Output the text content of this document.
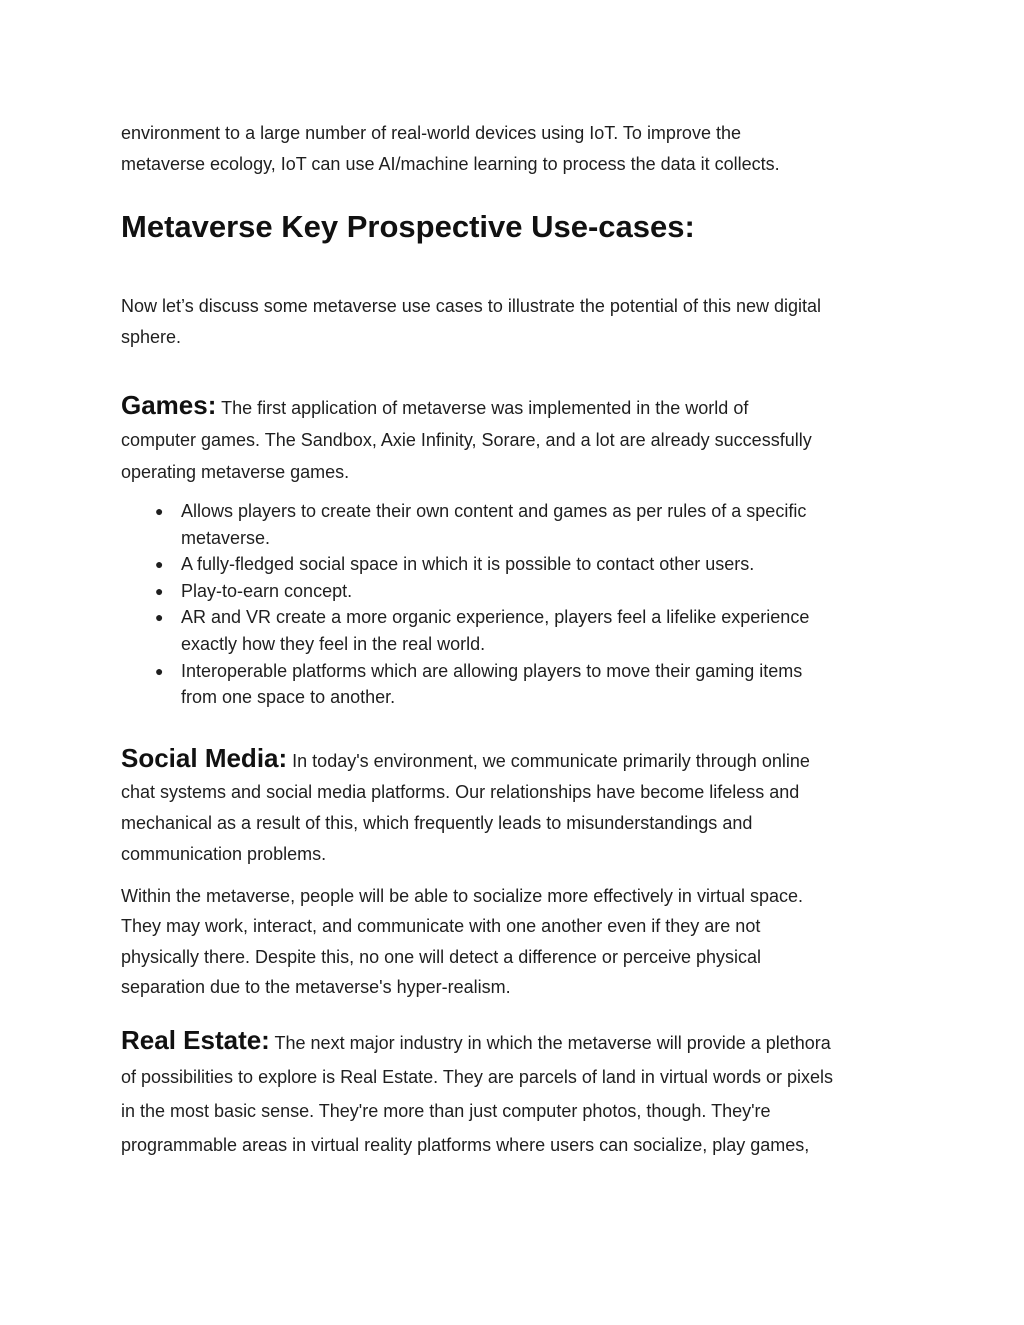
environment to a large number of real-world devices using IoT. To improve the
metaverse ecology, IoT can use AI/machine learning to process the data it collects.

Metaverse Key Prospective Use-cases:

Now let’s discuss some metaverse use cases to illustrate the potential of this new digital
sphere.

Games: The first application of metaverse was implemented in the world of
computer games. The Sandbox, Axie Infinity, Sorare, and a lot are already successfully
operating metaverse games.

● Allows players to create their own content and games as per rules of a specific
metaverse.
● A fully-fledged social space in which it is possible to contact other users.
● Play-to-earn concept.
● AR and VR create a more organic experience, players feel a lifelike experience
exactly how they feel in the real world.
● Interoperable platforms which are allowing players to move their gaming items
from one space to another.

Social Media: In today's environment, we communicate primarily through online
chat systems and social media platforms. Our relationships have become lifeless and
mechanical as a result of this, which frequently leads to misunderstandings and
communication problems.

Within the metaverse, people will be able to socialize more effectively in virtual space.
They may work, interact, and communicate with one another even if they are not
physically there. Despite this, no one will detect a difference or perceive physical
separation due to the metaverse's hyper-realism.

Real Estate: The next major industry in which the metaverse will provide a plethora
of possibilities to explore is Real Estate. They are parcels of land in virtual words or pixels
in the most basic sense. They're more than just computer photos, though. They're
programmable areas in virtual reality platforms where users can socialize, play games,
